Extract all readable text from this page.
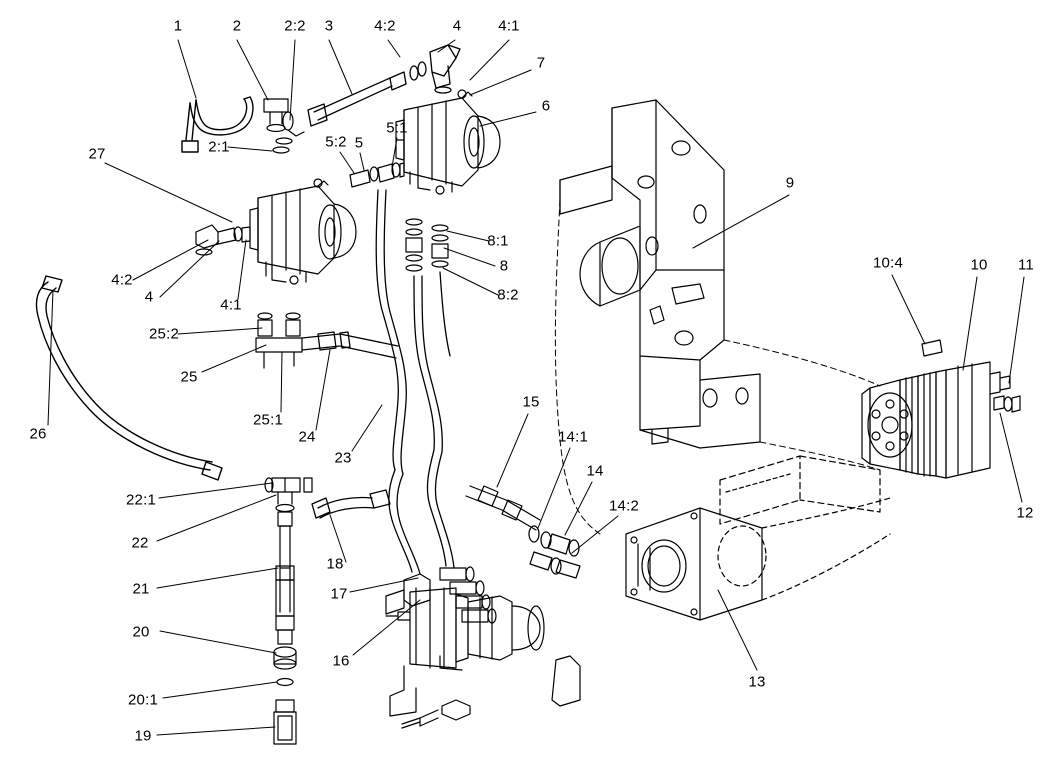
1	2	2:2 3	4:2	4 4:1
7
6
5:1
5
5:2
2:1
27
9
8:1
8
8:2
10:4	10 11
4:2
4	4:1
25:2
25
26
25:1
24
23
15
14:1
14
14:2	12
22:1
22
21
18
17
16
13
20
20:1
19
